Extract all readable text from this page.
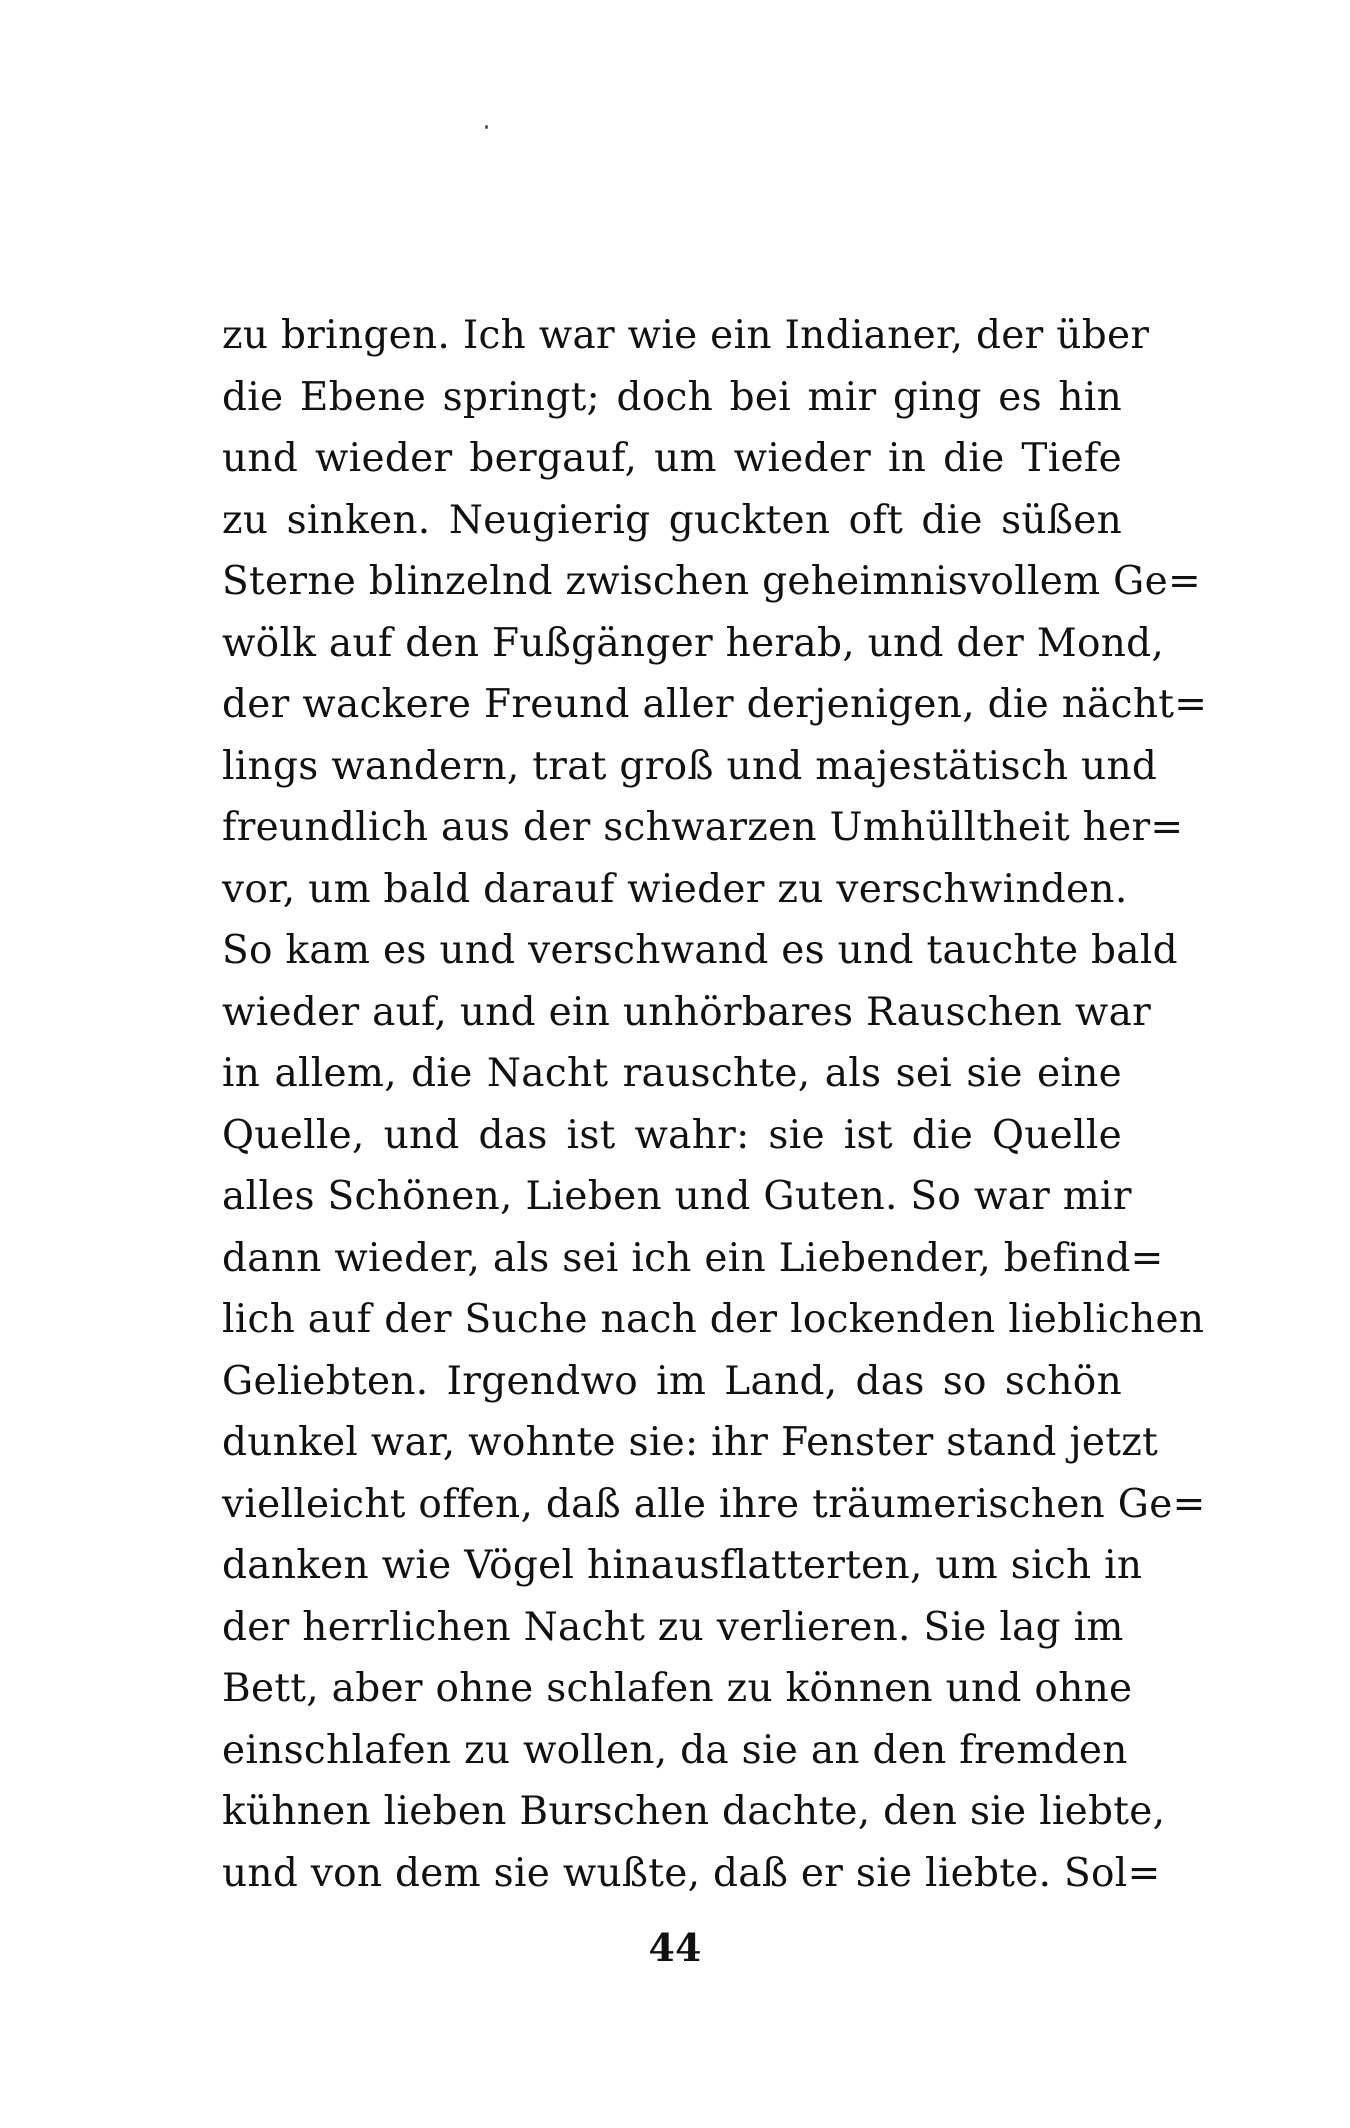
zu bringen. Ich war wie ein Indianer, der über
die Ebene springt; doch bei mir ging es hin
und wieder bergauf, um wieder in die Tiefe
zu sinken. Neugierig guckten oft die süßen
Sterne blinzelnd zwischen geheimnisvollem Ge=
wölk auf den Fußgänger herab, und der Mond,
der wackere Freund aller derjenigen, die nächt=
lings wandern, trat groß und majestätisch und
freundlich aus der schwarzen Umhülltheit her=
vor, um bald darauf wieder zu verschwinden.
So kam es und verschwand es und tauchte bald
wieder auf, und ein unhörbares Rauschen war
in allem, die Nacht rauschte, als sei sie eine
Quelle, und das ist wahr: sie ist die Quelle
alles Schönen, Lieben und Guten. So war mir
dann wieder, als sei ich ein Liebender, befind=
lich auf der Suche nach der lockenden lieblichen
Geliebten. Irgendwo im Land, das so schön
dunkel war, wohnte sie: ihr Fenster stand jetzt
vielleicht offen, daß alle ihre träumerischen Ge=
danken wie Vögel hinausflatterten, um sich in
der herrlichen Nacht zu verlieren. Sie lag im
Bett, aber ohne schlafen zu können und ohne
einschlafen zu wollen, da sie an den fremden
kühnen lieben Burschen dachte, den sie liebte,
und von dem sie wußte, daß er sie liebte. Sol=
44
